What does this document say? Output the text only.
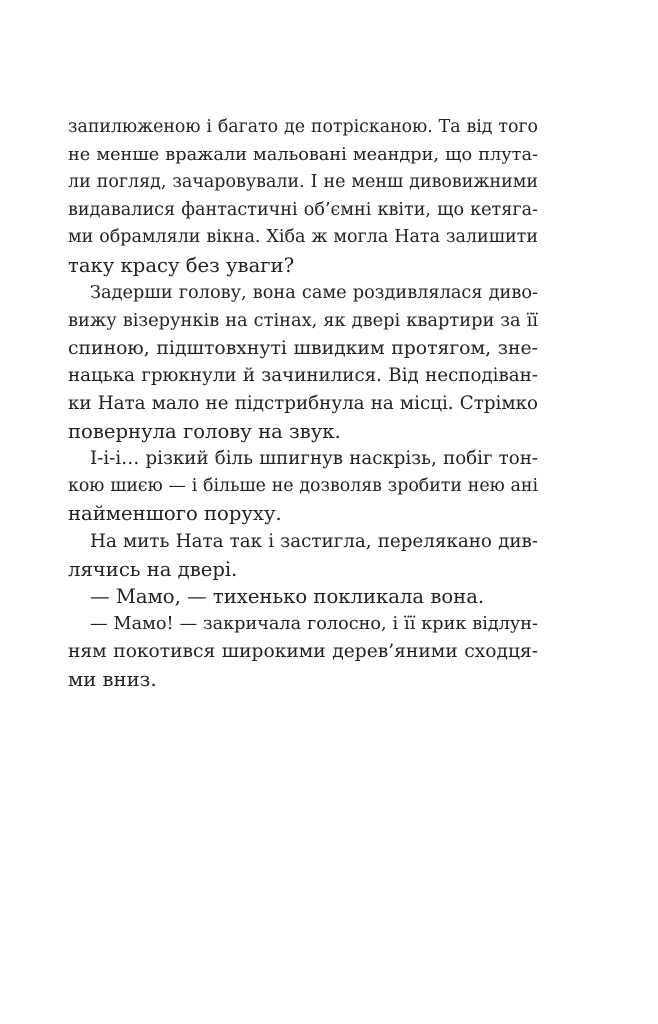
запилюженою і багато де потрісканою. Та від того
не менше вражали мальовані меандри, що плута-
ли погляд, зачаровували. І не менш дивовижними
видавалися фантастичні об’ємні квіти, що кетяга-
ми обрамляли вікна. Хіба ж могла Ната залишити
таку красу без уваги?
Задерши голову, вона саме роздивлялася диво-
вижу візерунків на стінах, як двері квартири за її
спиною, підштовхнуті швидким протягом, зне-
нацька грюкнули й зачинилися. Від несподіван-
ки Ната мало не підстрибнула на місці. Стрімко
повернула голову на звук.
І-і-і… різкий біль шпигнув наскрізь, побіг тон-
кою шиєю — і більше не дозволяв зробити нею ані
найменшого поруху.
На мить Ната так і застигла, перелякано див-
лячись на двері.
— Мамо, — тихенько покликала вона.
— Мамо! — закричала голосно, і її крик відлун-
ням покотився широкими дерев’яними сходця-
ми вниз.
